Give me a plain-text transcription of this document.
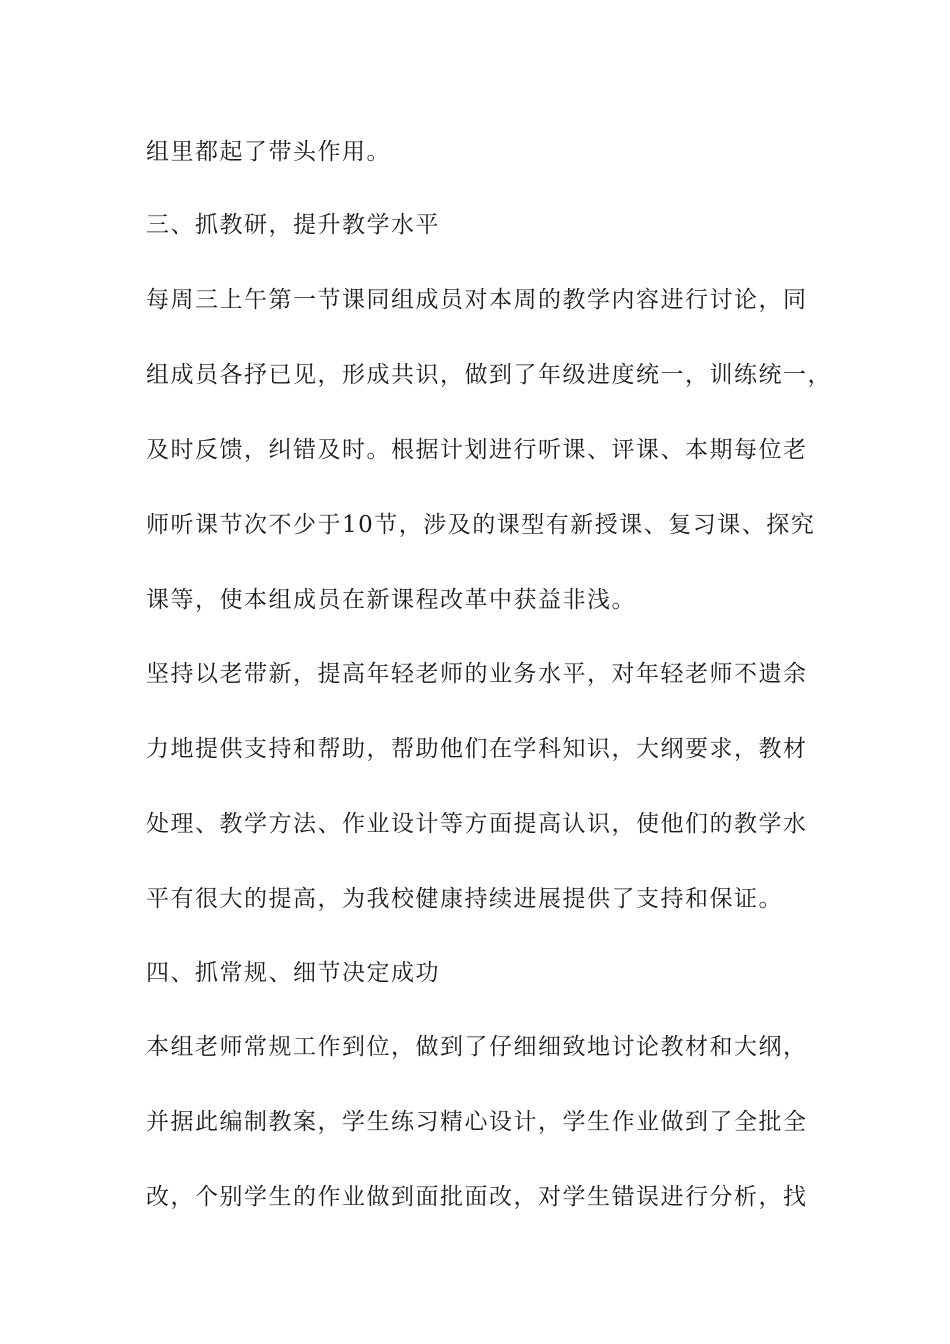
组里都起了带头作用。
三、抓教研，提升教学水平
每周三上午第一节课同组成员对本周的教学内容进行讨论，同
组成员各抒已见，形成共识，做到了年级进度统一，训练统一，
及时反馈，纠错及时。根据计划进行听课、评课、本期每位老
师听课节次不少于10节，涉及的课型有新授课、复习课、探究
课等，使本组成员在新课程改革中获益非浅。
坚持以老带新，提高年轻老师的业务水平，对年轻老师不遗余
力地提供支持和帮助，帮助他们在学科知识，大纲要求，教材
处理、教学方法、作业设计等方面提高认识，使他们的教学水
平有很大的提高，为我校健康持续进展提供了支持和保证。
四、抓常规、细节决定成功
本组老师常规工作到位，做到了仔细细致地讨论教材和大纲，
并据此编制教案，学生练习精心设计，学生作业做到了全批全
改，个别学生的作业做到面批面改，对学生错误进行分析，找
